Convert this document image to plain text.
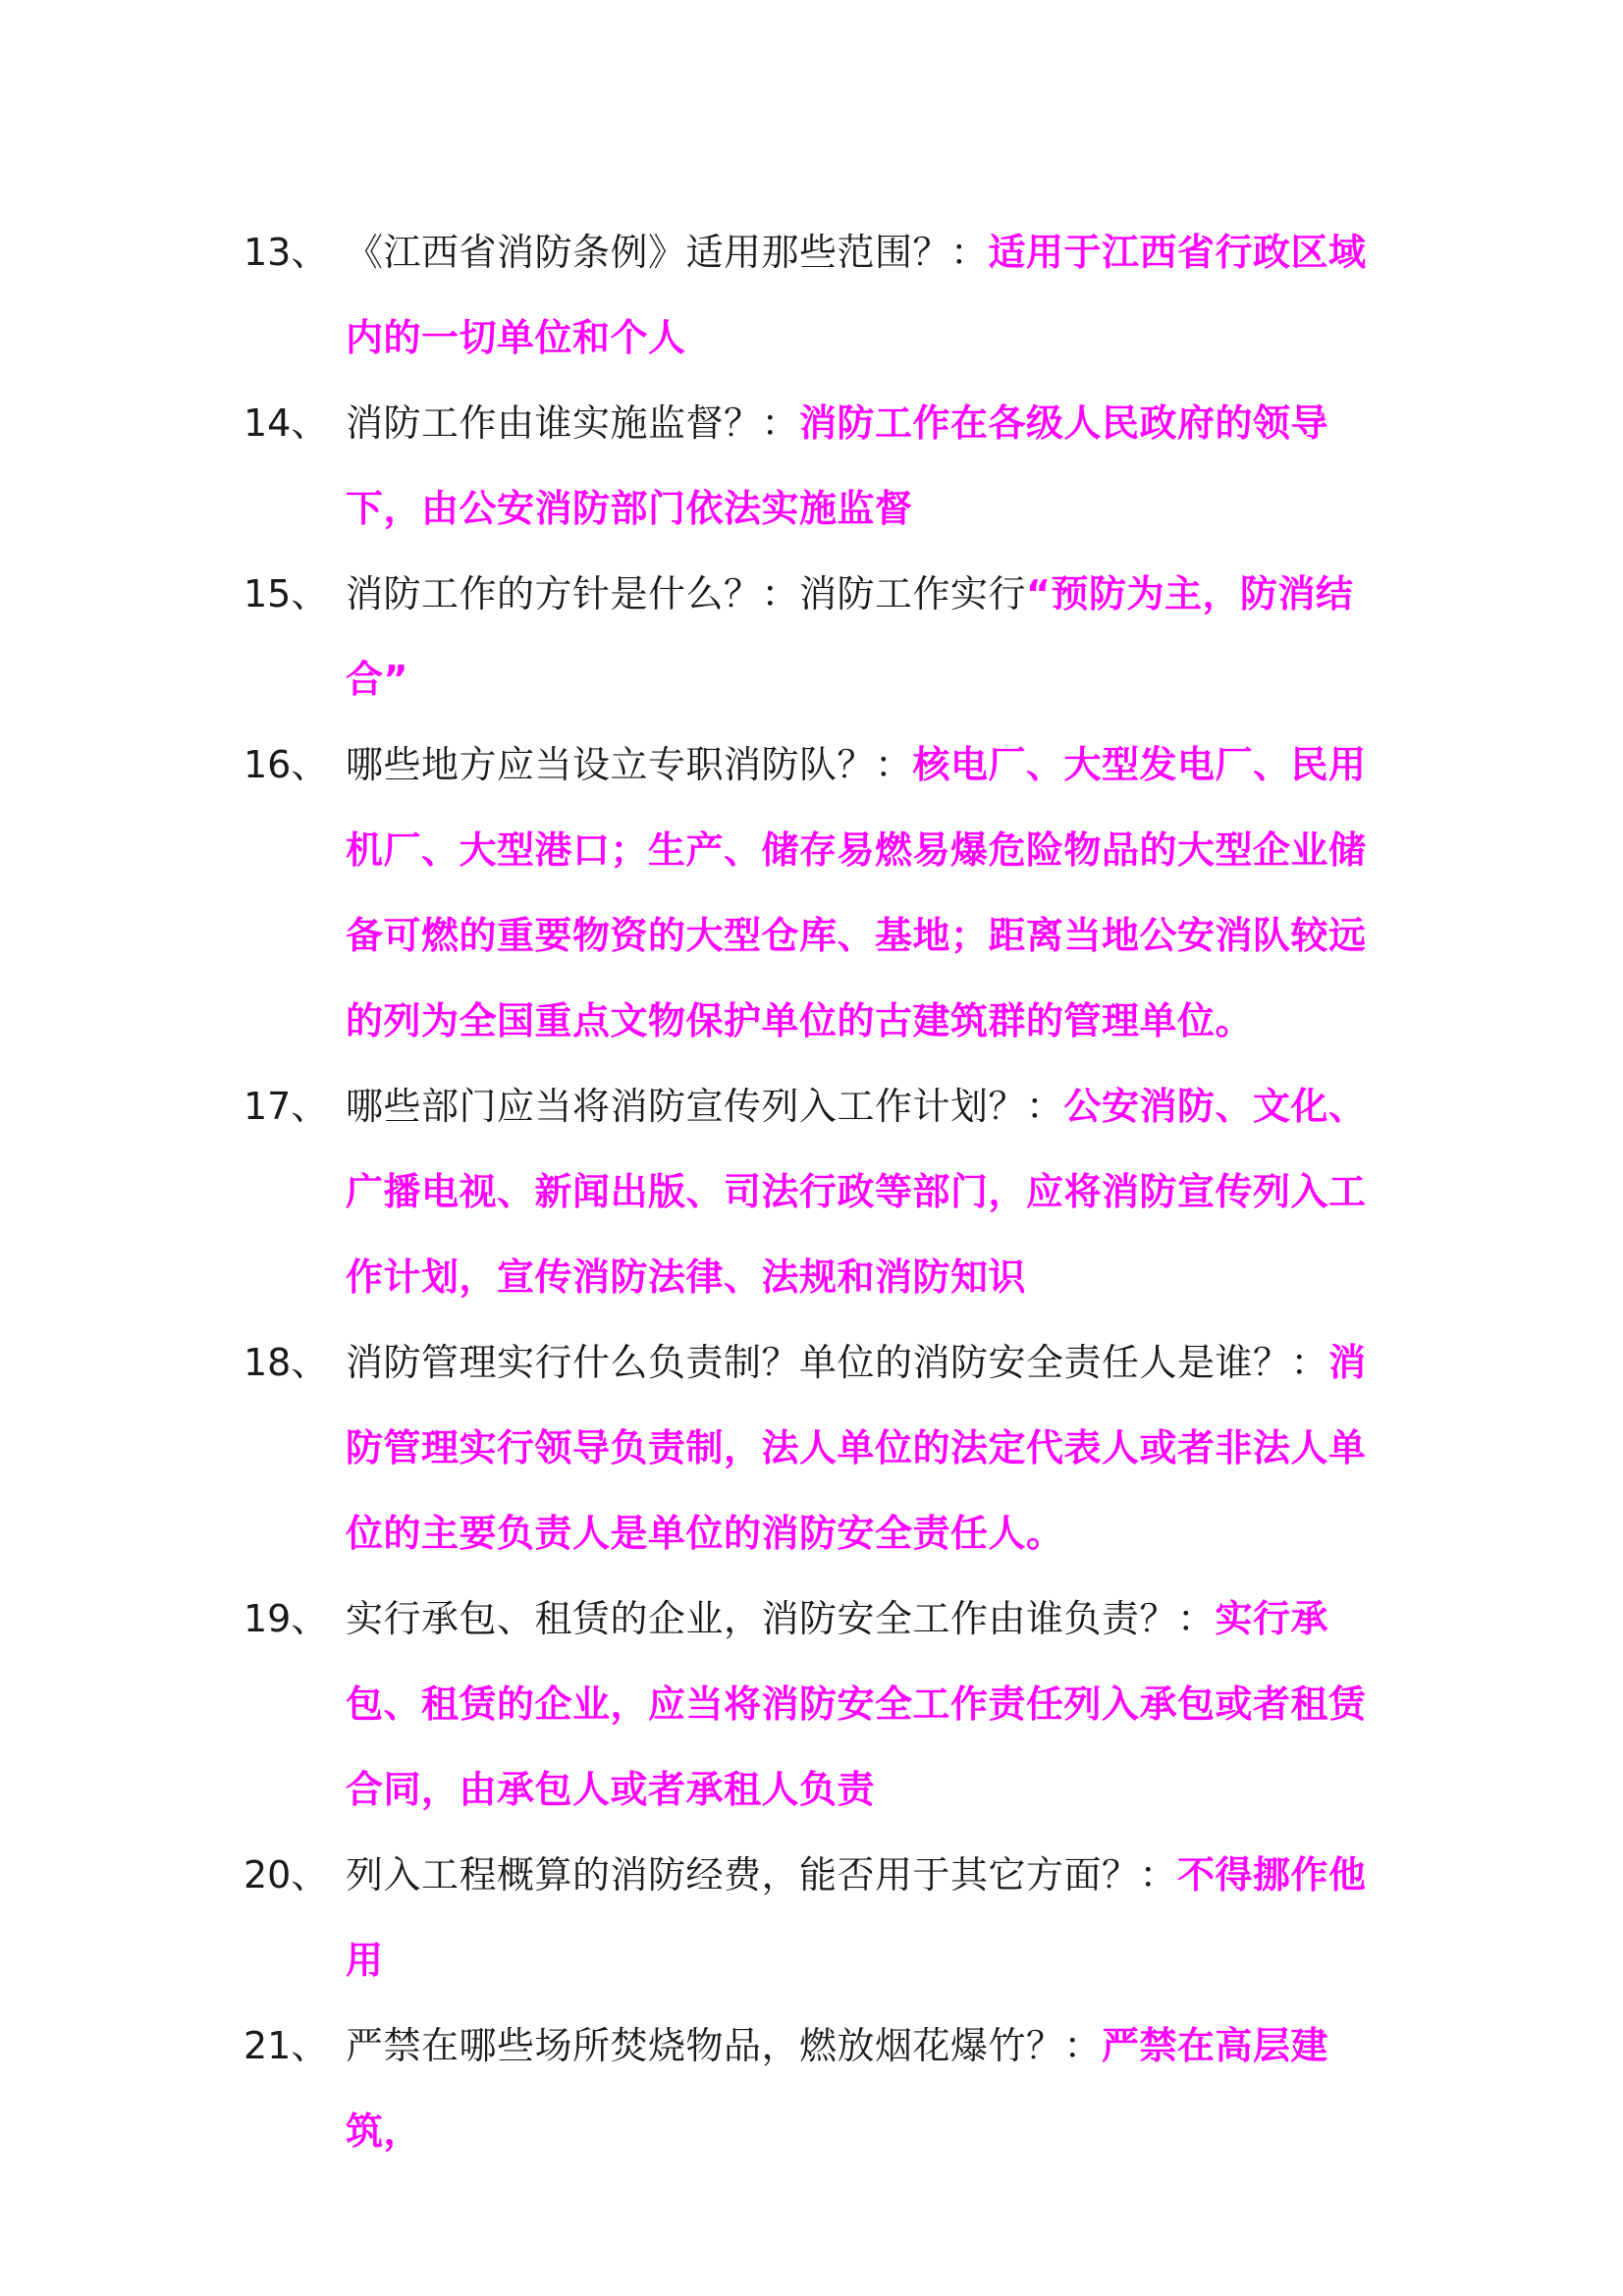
13、 《江西省消防条例》适用那些范围？：适用于江西省行政区域内的一切单位和个人
14、 消防工作由谁实施监督？：消防工作在各级人民政府的领导下，由公安消防部门依法实施监督
15、 消防工作的方针是什么？：消防工作实行“预防为主，防消结合”
16、 哪些地方应当设立专职消防队？：核电厂、大型发电厂、民用机厂、大型港口；生产、储存易燃易爆危险物品的大型企业储备可燃的重要物资的大型仓库、基地；距离当地公安消队较远的列为全国重点文物保护单位的古建筑群的管理单位。
17、 哪些部门应当将消防宣传列入工作计划？：公安消防、文化、广播电视、新闻出版、司法行政等部门，应将消防宣传列入工作计划，宣传消防法律、法规和消防知识
18、 消防管理实行什么负责制？单位的消防安全责任人是谁？：消防管理实行领导负责制，法人单位的法定代表人或者非法人单位的主要负责人是单位的消防安全责任人。
19、 实行承包、租赁的企业，消防安全工作由谁负责？：实行承包、租赁的企业，应当将消防安全工作责任列入承包或者租赁合同，由承包人或者承租人负责
20、 列入工程概算的消防经费，能否用于其它方面？：不得挪作他用
21、 严禁在哪些场所焚烧物品，燃放烟花爆竹？：严禁在高层建筑，
